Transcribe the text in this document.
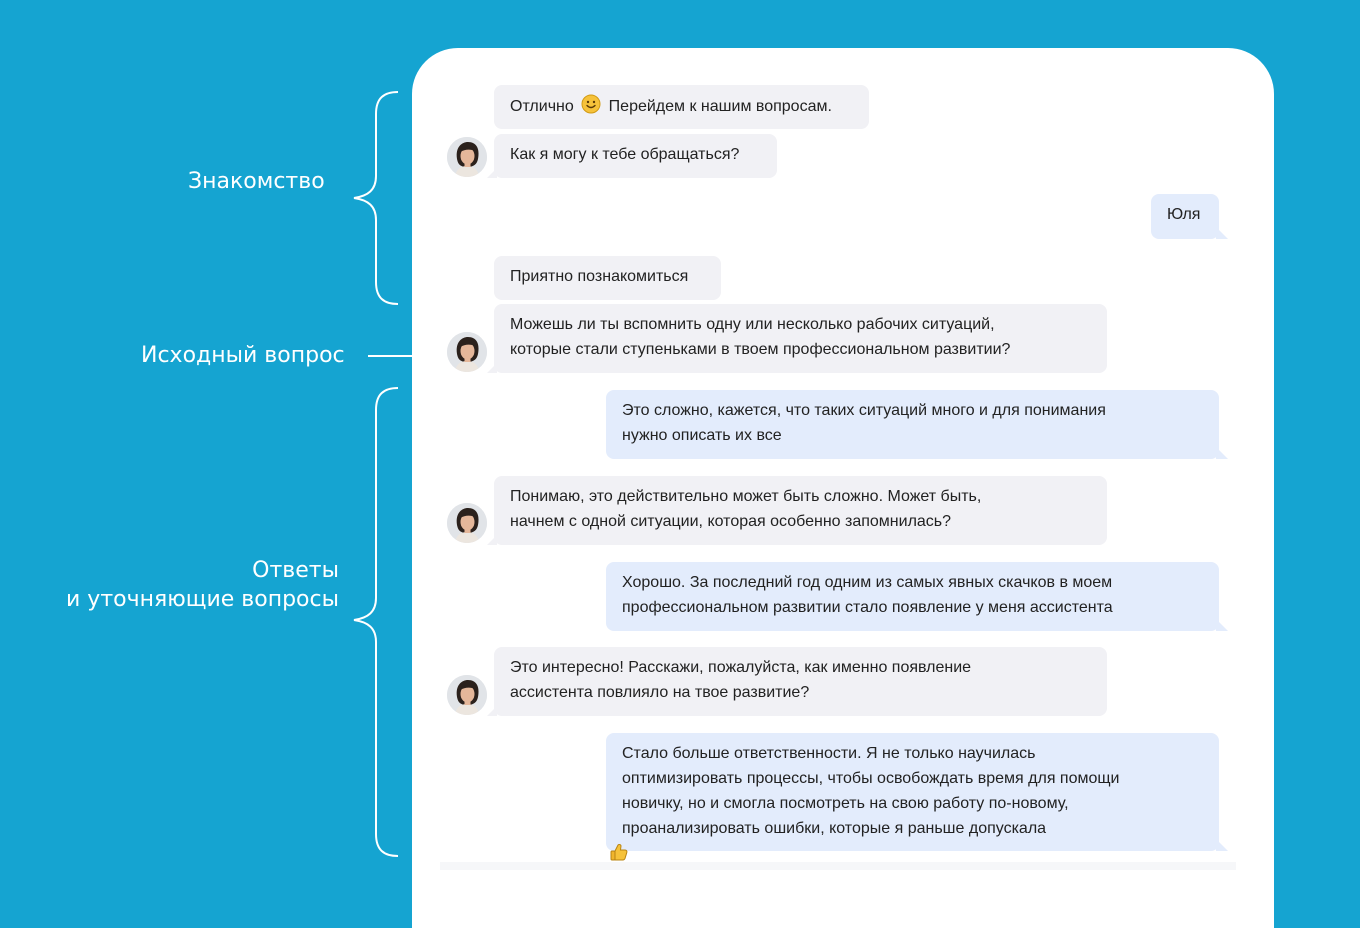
Знакомство
Исходный вопрос
Ответы
и уточняющие вопросы
Отлично Перейдем к нашим вопросам.
Как я могу к тебе обращаться?
Юля
Приятно познакомиться
Можешь ли ты вспомнить одну или несколько рабочих ситуаций,
которые стали ступеньками в твоем профессиональном развитии?
Это сложно, кажется, что таких ситуаций много и для понимания
нужно описать их все
Понимаю, это действительно может быть сложно. Может быть,
начнем с одной ситуации, которая особенно запомнилась?
Хорошо. За последний год одним из самых явных скачков в моем
профессиональном развитии стало появление у меня ассистента
Это интересно! Расскажи, пожалуйста, как именно появление
ассистента повлияло на твое развитие?
Стало больше ответственности. Я не только научилась
оптимизировать процессы, чтобы освобождать время для помощи
новичку, но и смогла посмотреть на свою работу по-новому,
проанализировать ошибки, которые я раньше допускала
